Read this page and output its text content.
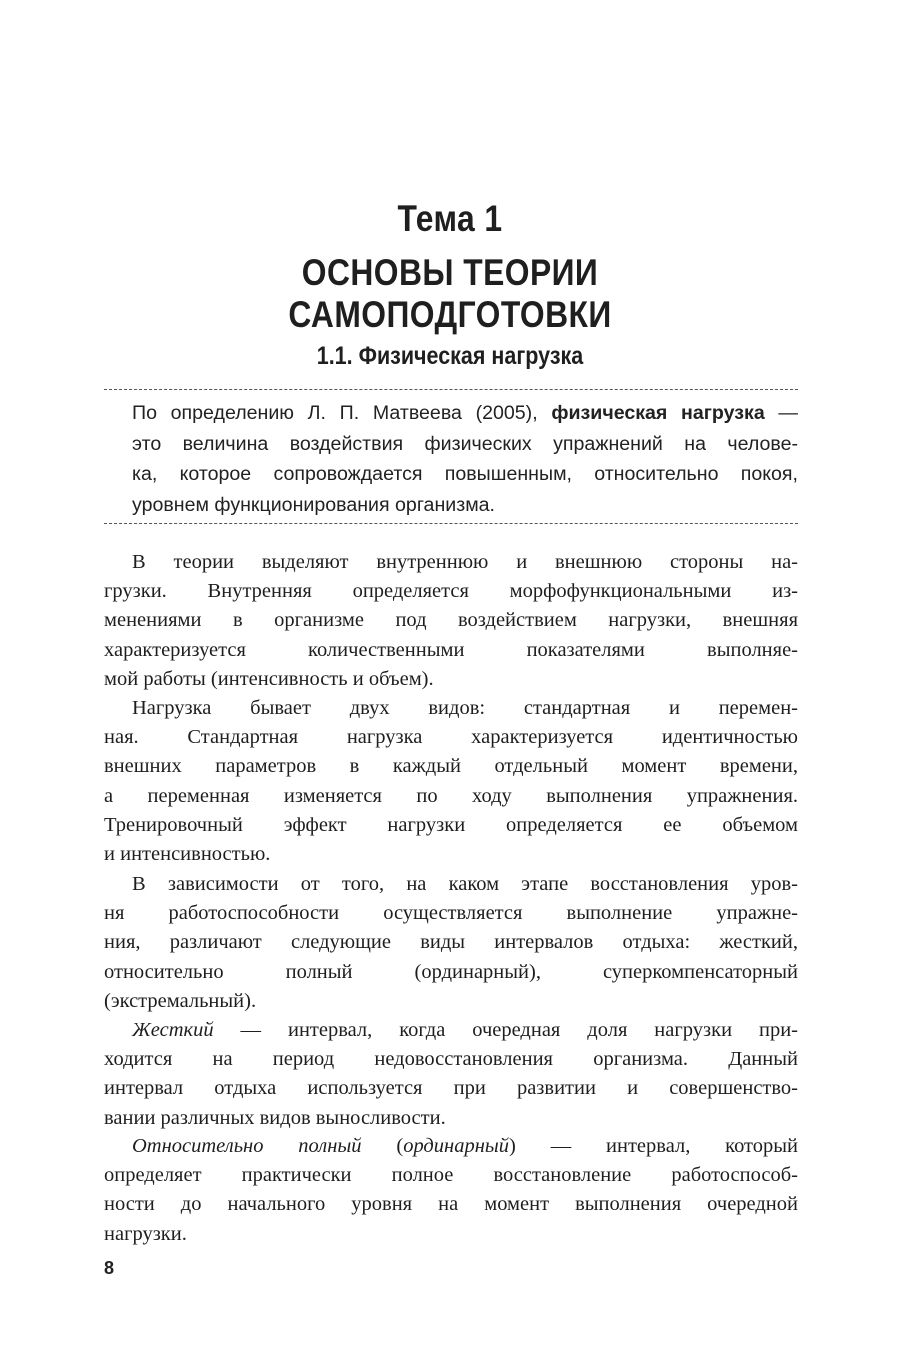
Тема 1
ОСНОВЫ ТЕОРИИ САМОПОДГОТОВКИ
1.1. Физическая нагрузка
По определению Л. П. Матвеева (2005), физическая нагрузка —
это величина воздействия физических упражнений на челове-
ка, которое сопровождается повышенным, относительно покоя,
уровнем функционирования организма.
В теории выделяют внутреннюю и внешнюю стороны на-
грузки. Внутренняя определяется морфофункциональными из-
менениями в организме под воздействием нагрузки, внешняя
характеризуется количественными показателями выполняе-
мой работы (интенсивность и объем).
Нагрузка бывает двух видов: стандартная и перемен-
ная. Стандартная нагрузка характеризуется идентичностью
внешних параметров в каждый отдельный момент времени,
а переменная изменяется по ходу выполнения упражнения.
Тренировочный эффект нагрузки определяется ее объемом
и интенсивностью.
В зависимости от того, на каком этапе восстановления уров-
ня работоспособности осуществляется выполнение упражне-
ния, различают следующие виды интервалов отдыха: жесткий,
относительно полный (ординарный), суперкомпенсаторный
(экстремальный).
Жесткий — интервал, когда очередная доля нагрузки при-
ходится на период недовосстановления организма. Данный
интервал отдыха используется при развитии и совершенство-
вании различных видов выносливости.
Относительно полный (ординарный) — интервал, который
определяет практически полное восстановление работоспособ-
ности до начального уровня на момент выполнения очередной
нагрузки.
8
